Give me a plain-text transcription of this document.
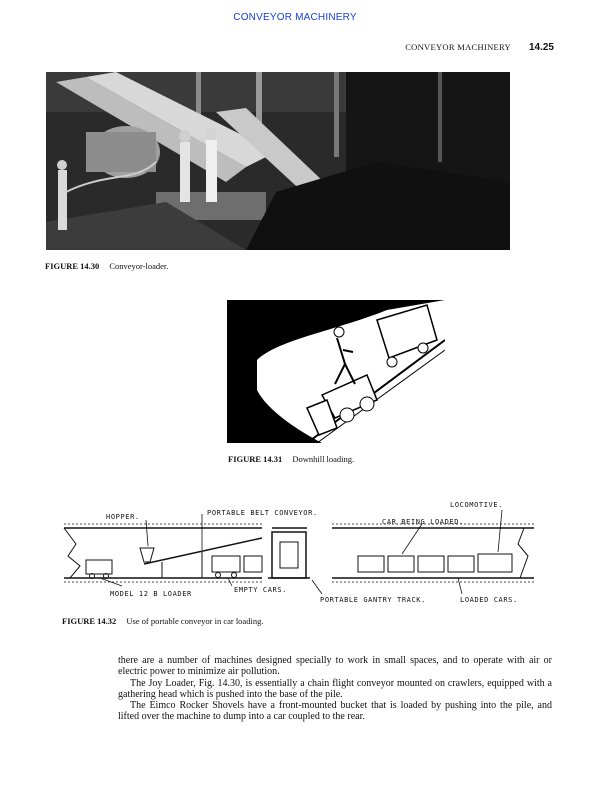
CONVEYOR MACHINERY
CONVEYOR MACHINERY 14.25
FIGURE 14.30 Conveyor-loader.
FIGURE 14.31 Downhill loading.
HOPPER.	PORTABLE BELT CONVEYOR.
LOCOMOTIVE.
CAR BEING LOADED.
MODEL 12 B LOADER	EMPTY CARS.
PORTABLE GANTRY TRACK.	LOADED CARS.
FIGURE 14.32 Use of portable conveyor in car loading.

there are a number of machines designed specially to work in small spaces, and to operate with air or electric power to minimize air pollution.

The Joy Loader, Fig. 14.30, is essentially a chain flight conveyor mounted on crawlers, equipped with a gathering head which is pushed into the base of the pile.

The Eimco Rocker Shovels have a front-mounted bucket that is loaded by pushing into the pile, and lifted over the machine to dump into a car coupled to the rear.
